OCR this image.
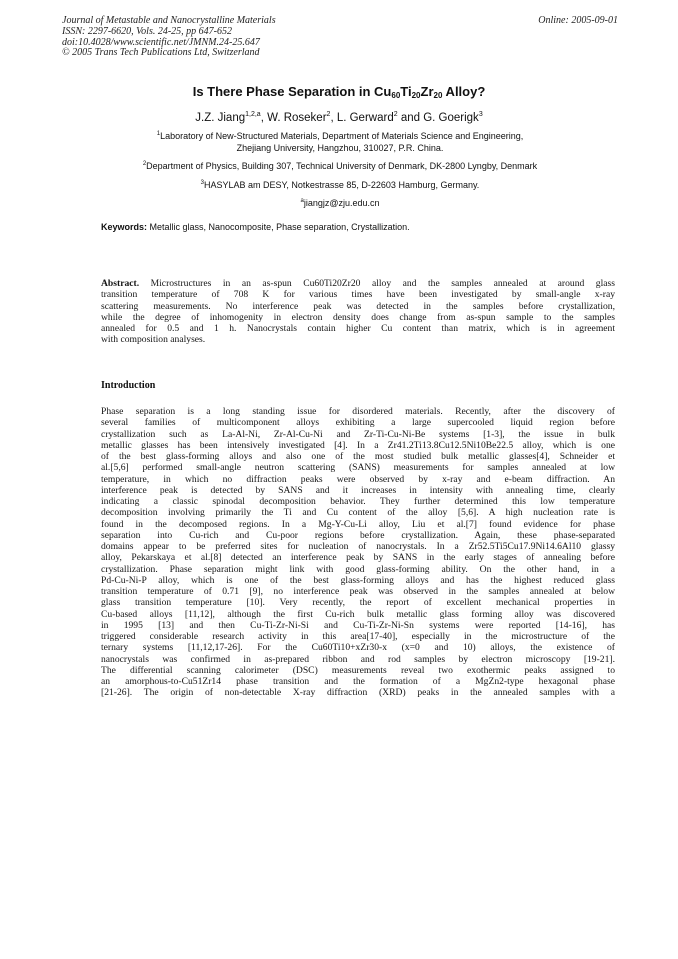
Journal of Metastable and Nanocrystalline Materials
ISSN: 2297-6620, Vols. 24-25, pp 647-652
doi:10.4028/www.scientific.net/JMNM.24-25.647
© 2005 Trans Tech Publications Ltd, Switzerland
Online: 2005-09-01
Is There Phase Separation in $Cu_{60}Ti_{20}Zr_{20}$ Alloy?
J.Z. Jiang$^{1,2,a}$, W. Roseker$^2$, L. Gerward$^2$ and G. Goerigk$^3$
$^1$Laboratory of New-Structured Materials, Department of Materials Science and Engineering,
Zhejiang University, Hangzhou, 310027, P.R. China.
$^2$Department of Physics, Building 307, Technical University of Denmark, DK-2800 Lyngby, Denmark
$^3$HASYLAB am DESY, Notkestrasse 85, D-22603 Hamburg, Germany.
$^a$jiangjz@zju.edu.cn
Keywords: Metallic glass, Nanocomposite, Phase separation, Crystallization.
Abstract. Microstructures in an as-spun Cu60Ti20Zr20 alloy and the samples annealed at around glass
transition temperature of 708 K for various times have been investigated by small-angle x-ray
scattering measurements. No interference peak was detected in the samples before crystallization,
while the degree of inhomogenity in electron density does change from as-spun sample to the samples
annealed for 0.5 and 1 h. Nanocrystals contain higher Cu content than matrix, which is in agreement
with composition analyses.
Introduction
Phase separation is a long standing issue for disordered materials. Recently, after the discovery of
several families of multicomponent alloys exhibiting a large supercooled liquid region before
crystallization such as La-Al-Ni, Zr-Al-Cu-Ni and Zr-Ti-Cu-Ni-Be systems [1-3], the issue in bulk
metallic glasses has been intensively investigated [4]. In a Zr41.2Ti13.8Cu12.5Ni10Be22.5 alloy, which is one
of the best glass-forming alloys and also one of the most studied bulk metallic glasses[4], Schneider et
al.[5,6] performed small-angle neutron scattering (SANS) measurements for samples annealed at low
temperature, in which no diffraction peaks were observed by x-ray and e-beam diffraction. An
interference peak is detected by SANS and it increases in intensity with annealing time, clearly
indicating a classic spinodal decomposition behavior. They further determined this low temperature
decomposition involving primarily the Ti and Cu content of the alloy [5,6]. A high nucleation rate is
found in the decomposed regions. In a Mg-Y-Cu-Li alloy, Liu et al.[7] found evidence for phase
separation into Cu-rich and Cu-poor regions before crystallization. Again, these phase-separated
domains appear to be preferred sites for nucleation of nanocrystals. In a Zr52.5Ti5Cu17.9Ni14.6Al10 glassy
alloy, Pekarskaya et al.[8] detected an interference peak by SANS in the early stages of annealing before
crystallization. Phase separation might link with good glass-forming ability. On the other hand, in a
Pd-Cu-Ni-P alloy, which is one of the best glass-forming alloys and has the highest reduced glass
transition temperature of 0.71 [9], no interference peak was observed in the samples annealed at below
glass transition temperature [10]. Very recently, the report of excellent mechanical properties in
Cu-based alloys [11,12], although the first Cu-rich bulk metallic glass forming alloy was discovered
in 1995 [13] and then Cu-Ti-Zr-Ni-Si and Cu-Ti-Zr-Ni-Sn systems were reported [14-16], has
triggered considerable research activity in this area[17-40], especially in the microstructure of the
ternary systems [11,12,17-26]. For the Cu60Ti10+xZr30-x (x=0 and 10) alloys, the existence of
nanocrystals was confirmed in as-prepared ribbon and rod samples by electron microscopy [19-21].
The differential scanning calorimeter (DSC) measurements reveal two exothermic peaks assigned to
an amorphous-to-Cu51Zr14 phase transition and the formation of a MgZn2-type hexagonal phase
[21-26]. The origin of non-detectable X-ray diffraction (XRD) peaks in the annealed samples with a
